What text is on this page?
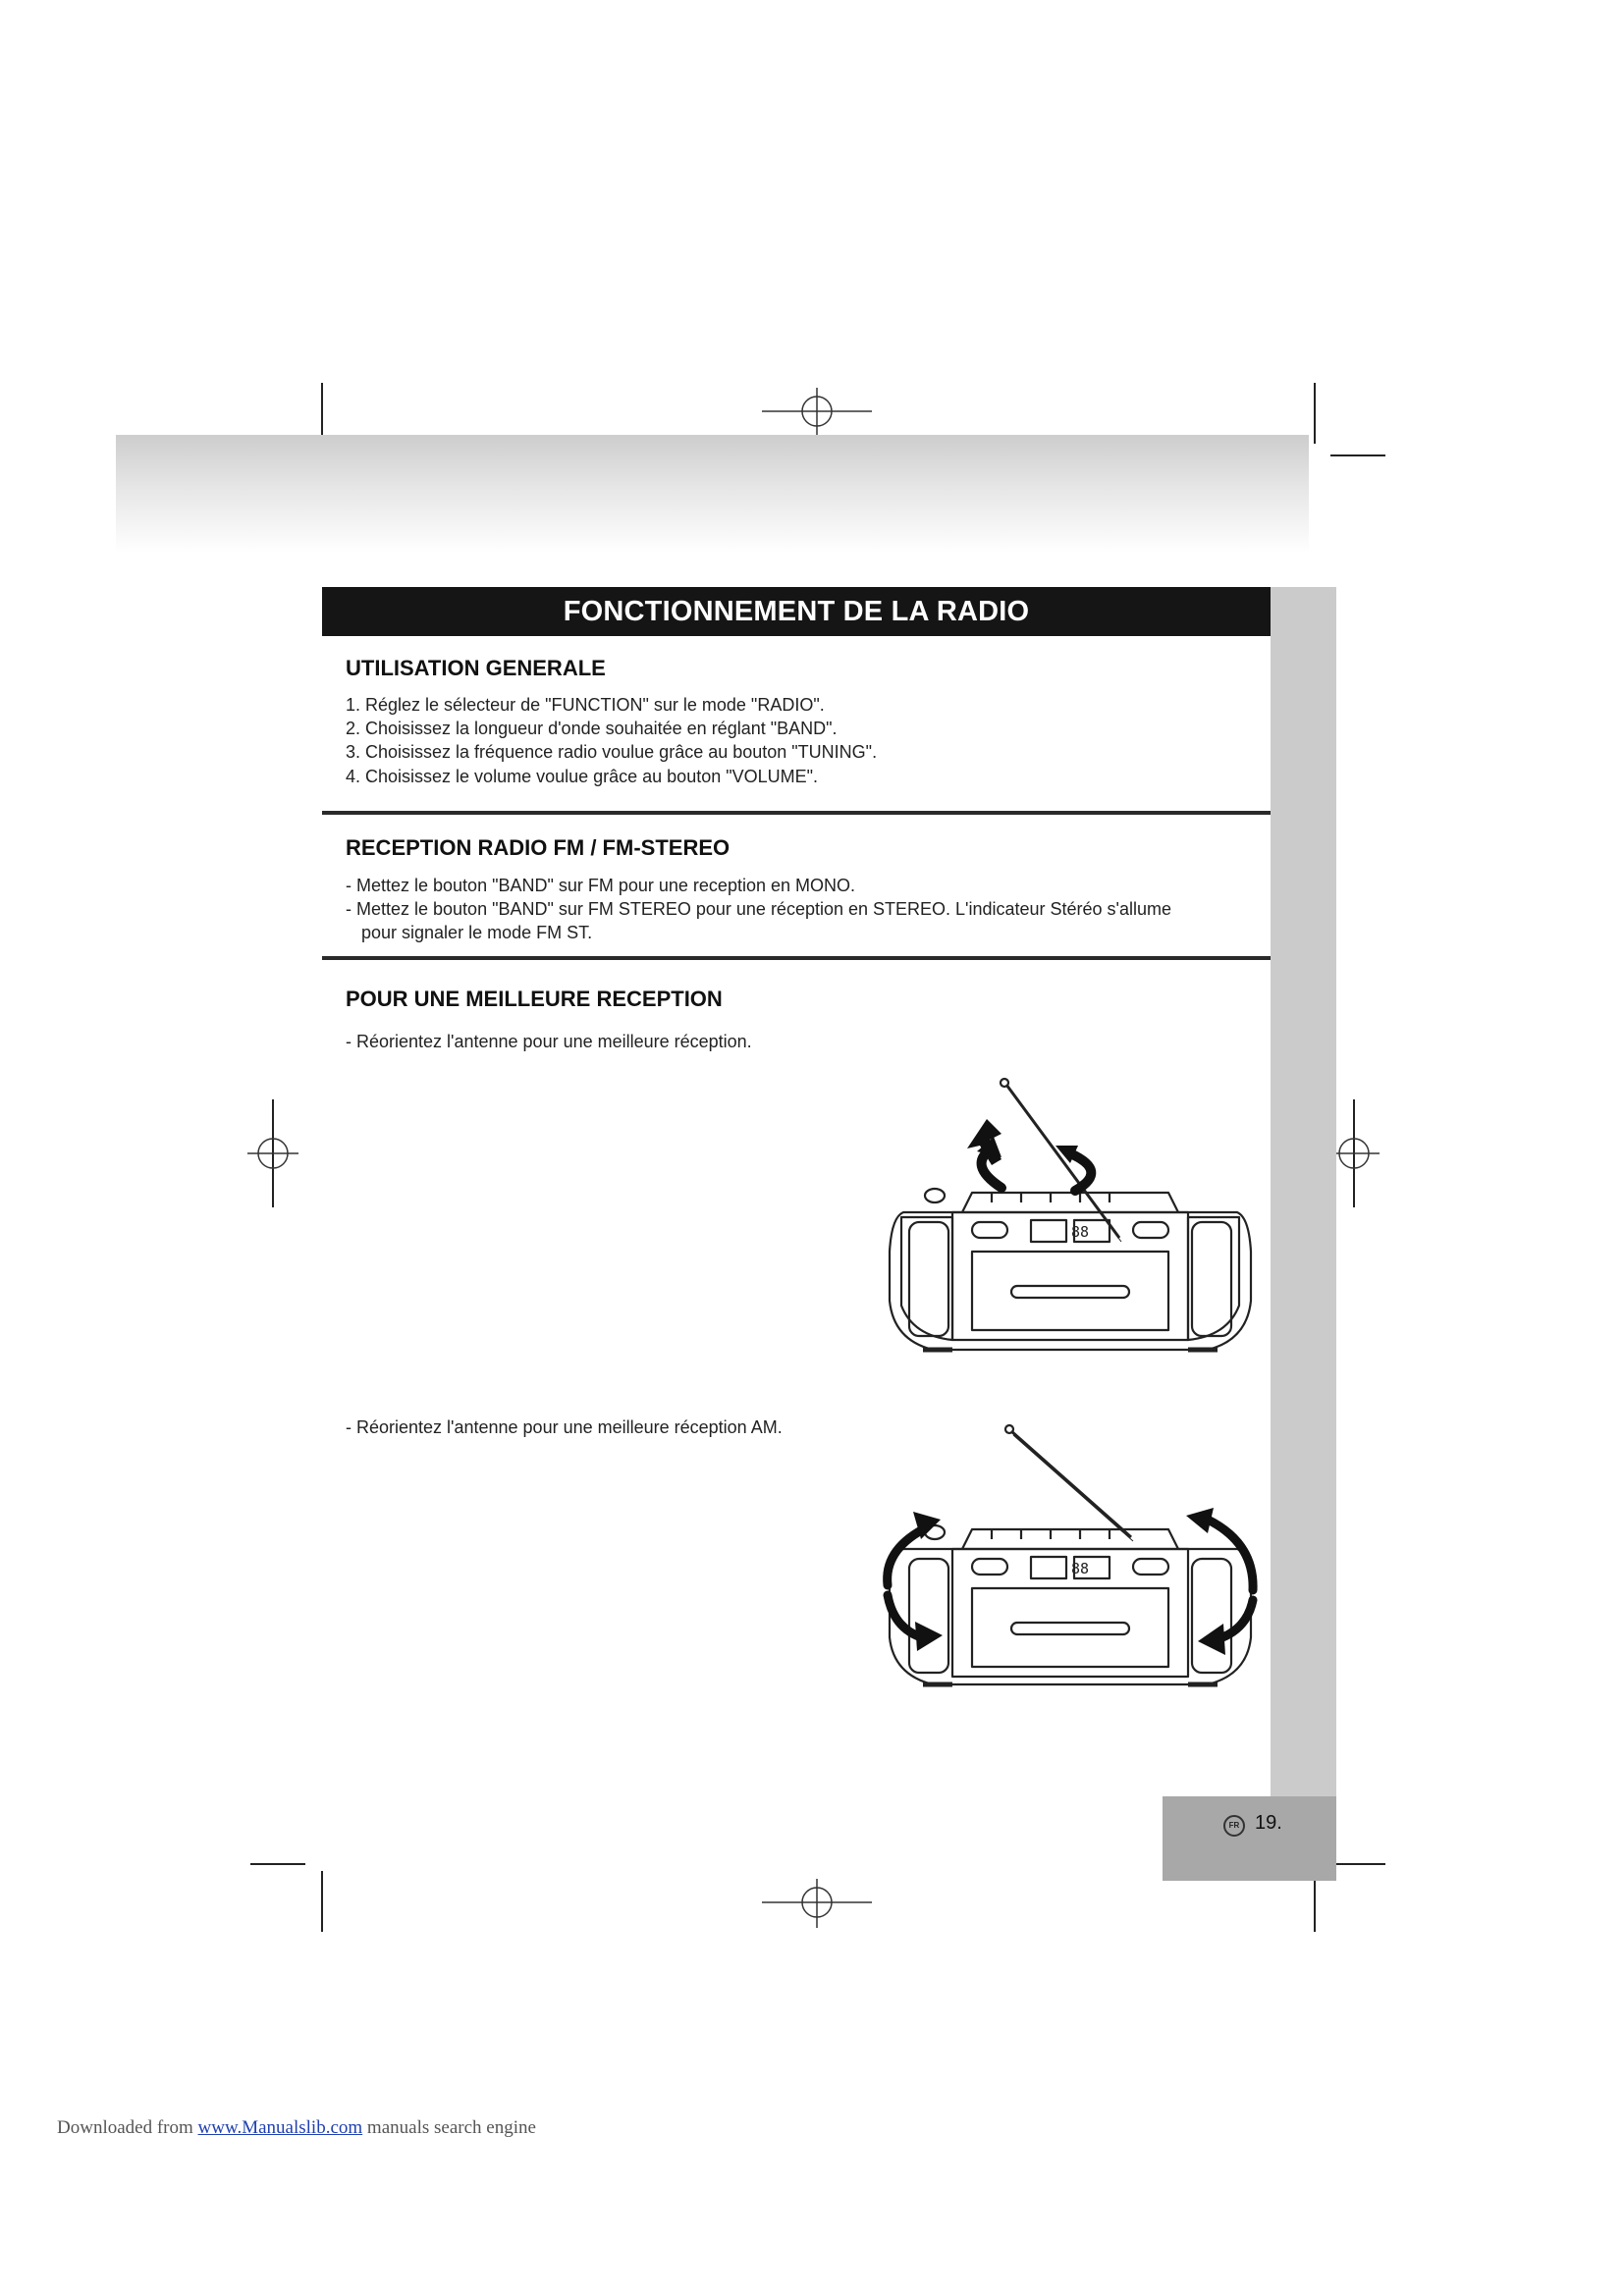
FONCTIONNEMENT DE LA RADIO
UTILISATION GENERALE
1. Réglez le sélecteur de "FUNCTION" sur le mode "RADIO".
2. Choisissez la longueur d'onde souhaitée en réglant "BAND".
3. Choisissez la fréquence radio voulue grâce au bouton "TUNING".
4. Choisissez le volume voulue grâce au bouton "VOLUME".
RECEPTION RADIO FM / FM-STEREO
- Mettez le bouton "BAND" sur FM pour une reception en MONO.
- Mettez le bouton "BAND" sur FM STEREO pour une réception en STEREO. L'indicateur Stéréo s'allume
pour signaler le mode FM ST.
POUR UNE MEILLEURE RECEPTION
- Réorientez l'antenne pour une meilleure réception.
- Réorientez l'antenne pour une meilleure réception AM.
88
88
FR 19.
Downloaded from www.Manualslib.com manuals search engine
